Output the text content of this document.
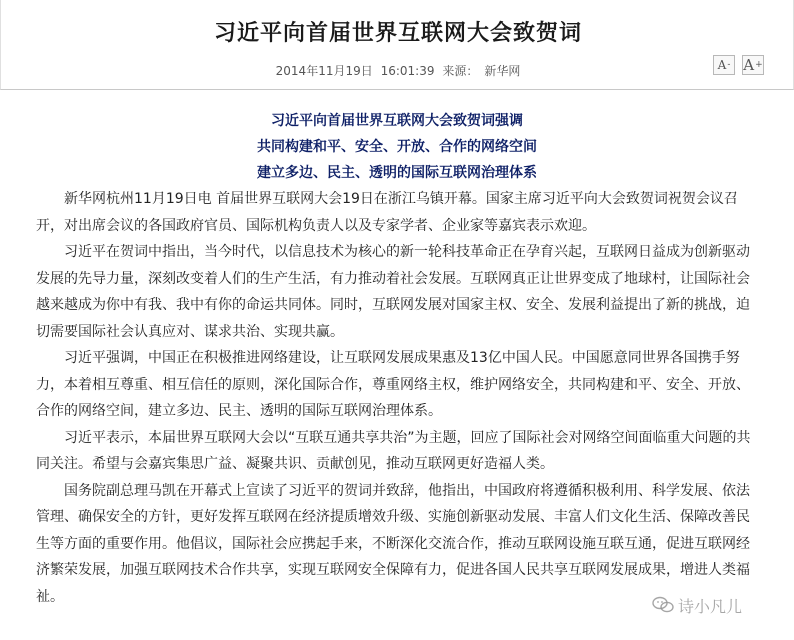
习近平向首届世界互联网大会致贺词
2014年11月19日 16:01:39 来源： 新华网	A - A +
习近平向首届世界互联网大会致贺词强调
共同构建和平、安全、开放、合作的网络空间
建立多边、民主、透明的国际互联网治理体系

新华网杭州11月19日电 首届世界互联网大会19日在浙江乌镇开幕。国家主席习近平向大会致贺词祝贺会议召开，对出席会议的各国政府官员、国际机构负责人以及专家学者、企业家等嘉宾表示欢迎。

习近平在贺词中指出，当今时代，以信息技术为核心的新一轮科技革命正在孕育兴起，互联网日益成为创新驱动发展的先导力量，深刻改变着人们的生产生活，有力推动着社会发展。互联网真正让世界变成了地球村，让国际社会越来越成为你中有我、我中有你的命运共同体。同时，互联网发展对国家主权、安全、发展利益提出了新的挑战，迫切需要国际社会认真应对、谋求共治、实现共赢。

习近平强调，中国正在积极推进网络建设，让互联网发展成果惠及13亿中国人民。中国愿意同世界各国携手努力，本着相互尊重、相互信任的原则，深化国际合作，尊重网络主权，维护网络安全，共同构建和平、安全、开放、合作的网络空间，建立多边、民主、透明的国际互联网治理体系。

习近平表示，本届世界互联网大会以“互联互通共享共治”为主题，回应了国际社会对网络空间面临重大问题的共同关注。希望与会嘉宾集思广益、凝聚共识、贡献创见，推动互联网更好造福人类。

国务院副总理马凯在开幕式上宣读了习近平的贺词并致辞，他指出，中国政府将遵循积极利用、科学发展、依法管理、确保安全的方针，更好发挥互联网在经济提质增效升级、实施创新驱动发展、丰富人们文化生活、保障改善民生等方面的重要作用。他倡议，国际社会应携起手来，不断深化交流合作，推动互联网设施互联互通，促进互联网经济繁荣发展，加强互联网技术合作共享，实现互联网安全保障有力，促进各国人民共享互联网发展成果，增进人类福祉。	诗小凡儿
